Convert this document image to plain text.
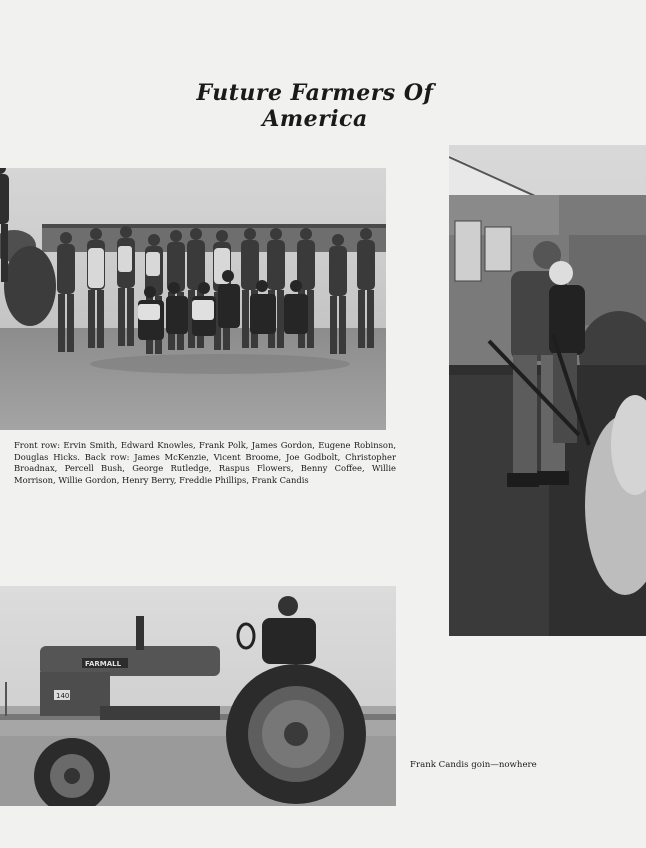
Future Farmers Of America
Front row: Ervin Smith, Edward Knowles, Frank Polk, James Gordon, Eugene Robinson, Douglas Hicks. Back row: James McKenzie, Vicent Broome, Joe Godbolt, Christopher Broadnax, Percell Bush, George Rutledge, Raspus Flowers, Benny Coffee, Willie Morrison, Willie Gordon, Henry Berry, Freddie Phillips, Frank Candis
FARMALL
140
Frank Candis goin—nowhere
